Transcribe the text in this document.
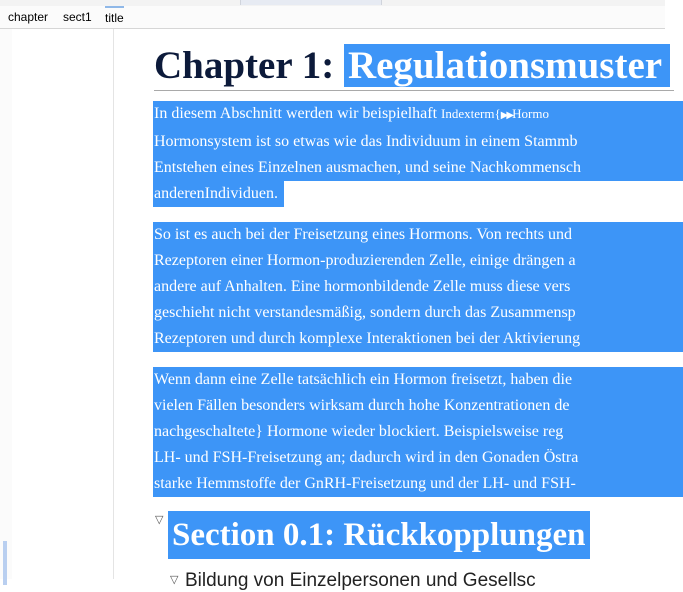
chapter sect1 title
Chapter 1: Regulationsmuster

In diesem Abschnitt werden wir beispielhaft Indexterm{▶▶Hormo
Hormonsystem ist so etwas wie das Individuum in einem Stammb
Entstehen eines Einzelnen ausmachen, und seine Nachkommensch
anderenIndividuen.

So ist es auch bei der Freisetzung eines Hormons. Von rechts und
Rezeptoren einer Hormon-produzierenden Zelle, einige drängen a
andere auf Anhalten. Eine hormonbildende Zelle muss diese vers
geschieht nicht verstandesmäßig, sondern durch das Zusammensp
Rezeptoren und durch komplexe Interaktionen bei der Aktivierung

Wenn dann eine Zelle tatsächlich ein Hormon freisetzt, haben die
vielen Fällen besonders wirksam durch hohe Konzentrationen de
nachgeschaltete} Hormone wieder blockiert. Beispielsweise reg
LH- und FSH-Freisetzung an; dadurch wird in den Gonaden Östra
starke Hemmstoffe der GnRH-Freisetzung und der LH- und FSH-

▽ Section 0.1: Rückkopplungen
▽ Bildung von Einzelpersonen und Gesellsc
